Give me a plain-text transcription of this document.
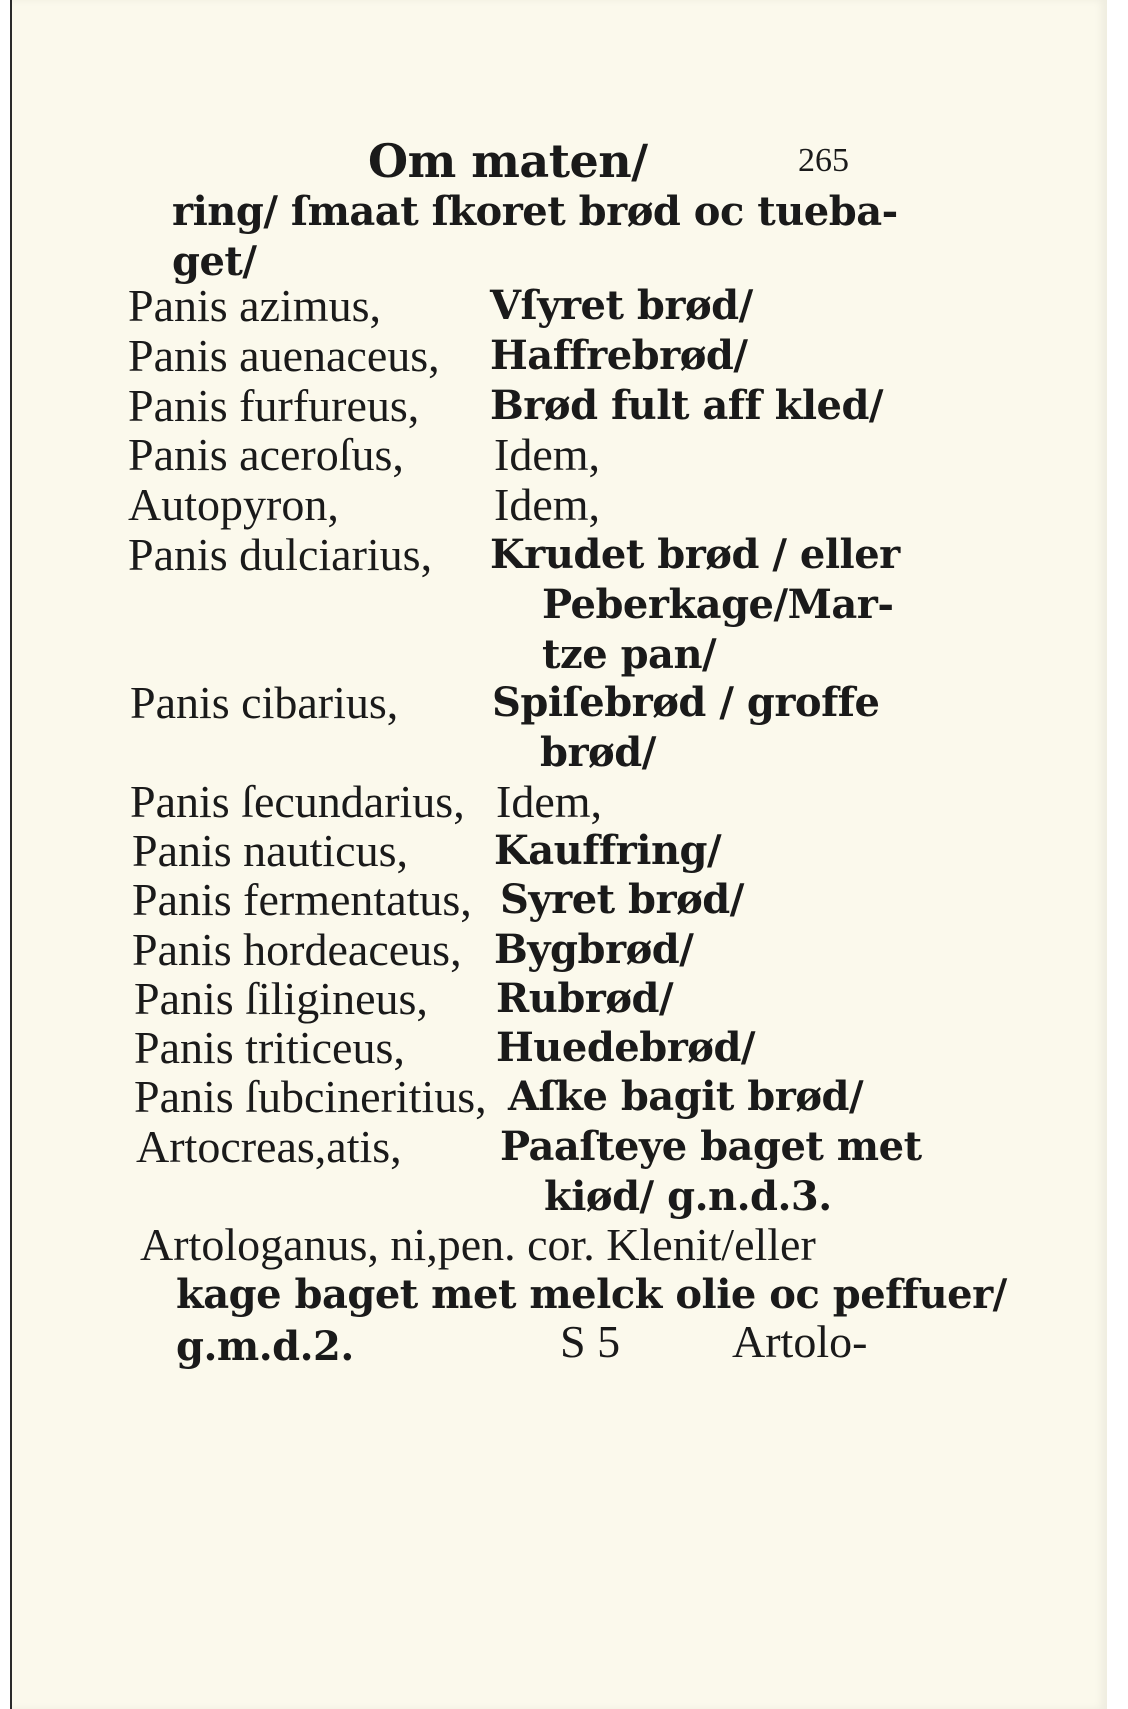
Om maten/	265
ring/ ſmaat ſkoret brød oc tueba-
get/
Panis azimus,	Vſyret brød/
Panis auenaceus, Haffrebrød/
Panis furfureus, Brød fult aff kled/
Panis aceroſus, Idem,
Autopyron,	Idem,
Panis dulciarius, Krudet brød / eller
Peberkage/Mar-
tze pan/
Panis cibarius, Spiſebrød / groffe
brød/
Panis ſecundarius, Idem,
Panis nauticus, Kauffring/
Panis fermentatus, Syret brød/
Panis hordeaceus, Bygbrød/
Panis ſiligineus, Rubrød/
Panis triticeus, Huedebrød/
Panis ſubcineritius, Aſke bagit brød/
Artocreas,atis, Paaſteye baget met
kiød/ g.n.d.3.
Artologanus, ni,pen. cor. Klenit/eller
kage baget met melck olie oc peffuer/
g.m.d.2.	S 5 Artolo-
